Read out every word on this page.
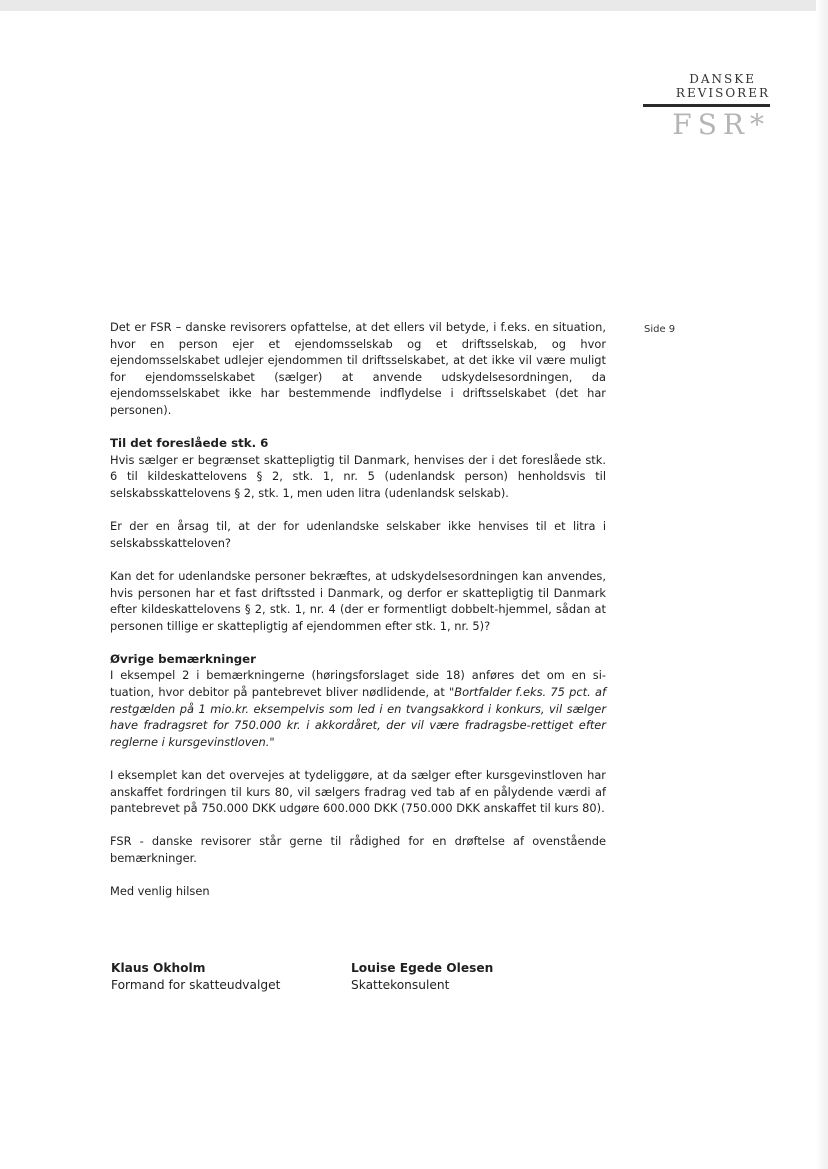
DANSKE
REVISORER
FSR*
Side 9

Det er FSR – danske revisorers opfattelse, at det ellers vil betyde, i f.eks. en situation, hvor en person ejer et ejendomsselskab og et driftsselskab, og hvor ejendomsselskabet udlejer ejendommen til driftsselskabet, at det ikke vil være muligt for ejendomsselskabet (sælger) at anvende udskydelsesordningen, da ejendomsselskabet ikke har bestemmende indflydelse i driftsselskabet (det har personen).

Til det foreslåede stk. 6

Hvis sælger er begrænset skattepligtig til Danmark, henvises der i det foreslåede stk. 6 til kildeskattelovens § 2, stk. 1, nr. 5 (udenlandsk person) henholdsvis til selskabsskattelovens § 2, stk. 1, men uden litra (udenlandsk selskab).

Er der en årsag til, at der for udenlandske selskaber ikke henvises til et litra i selskabsskatteloven?

Kan det for udenlandske personer bekræftes, at udskydelsesordningen kan anvendes, hvis personen har et fast driftssted i Danmark, og derfor er skattepligtig til Danmark efter kildeskattelovens § 2, stk. 1, nr. 4 (der er formentligt dobbelt-hjemmel, sådan at personen tillige er skattepligtig af ejendommen efter stk. 1, nr. 5)?

Øvrige bemærkninger

I eksempel 2 i bemærkningerne (høringsforslaget side 18) anføres det om en si-tuation, hvor debitor på pantebrevet bliver nødlidende, at "Bortfalder f.eks. 75 pct. af restgælden på 1 mio.kr. eksempelvis som led i en tvangsakkord i konkurs, vil sælger have fradragsret for 750.000 kr. i akkordåret, der vil være fradragsbe-rettiget efter reglerne i kursgevinstloven."

I eksemplet kan det overvejes at tydeliggøre, at da sælger efter kursgevinstloven har anskaffet fordringen til kurs 80, vil sælgers fradrag ved tab af en pålydende værdi af pantebrevet på 750.000 DKK udgøre 600.000 DKK (750.000 DKK anskaffet til kurs 80).

FSR - danske revisorer står gerne til rådighed for en drøftelse af ovenstående bemærkninger.

Med venlig hilsen

Klaus Okholm
Formand for skatteudvalget
Louise Egede Olesen
Skattekonsulent
